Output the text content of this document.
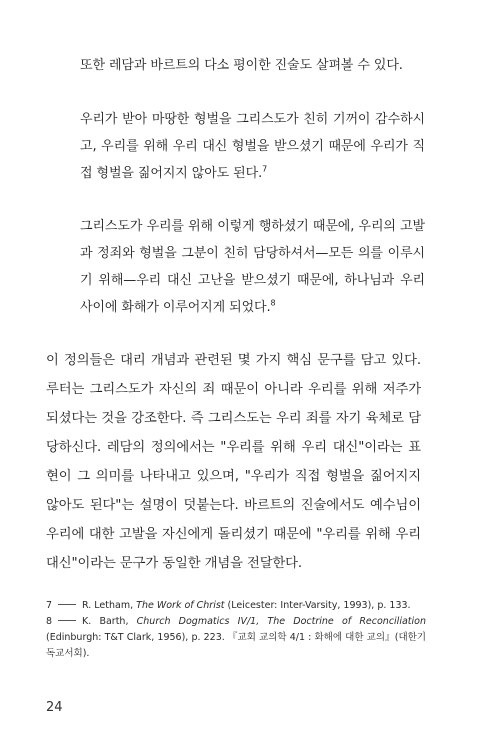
또한 레담과 바르트의 다소 평이한 진술도 살펴볼 수 있다.

우리가 받아 마땅한 형벌을 그리스도가 친히 기꺼이 감수하시고, 우리를 위해 우리 대신 형벌을 받으셨기 때문에 우리가 직접 형벌을 짊어지지 않아도 된다.$^7$

그리스도가 우리를 위해 이렇게 행하셨기 때문에, 우리의 고발과 정죄와 형벌을 그분이 친히 담당하셔서—모든 의를 이루시기 위해—우리 대신 고난을 받으셨기 때문에, 하나님과 우리 사이에 화해가 이루어지게 되었다.$^8$

이 정의들은 대리 개념과 관련된 몇 가지 핵심 문구를 담고 있다. 루터는 그리스도가 자신의 죄 때문이 아니라 우리를 위해 저주가 되셨다는 것을 강조한다. 즉 그리스도는 우리 죄를 자기 육체로 담당하신다. 레담의 정의에서는 "우리를 위해 우리 대신"이라는 표현이 그 의미를 나타내고 있으며, "우리가 직접 형벌을 짊어지지 않아도 된다"는 설명이 덧붙는다. 바르트의 진술에서도 예수님이 우리에 대한 고발을 자신에게 돌리셨기 때문에 "우리를 위해 우리 대신"이라는 문구가 동일한 개념을 전달한다.

7	R. Letham, The Work of Christ (Leicester: Inter-Varsity, 1993), p. 133.

8	K. Barth, Church Dogmatics IV/1, The Doctrine of Reconciliation (Edinburgh: T&T Clark, 1956), p. 223. 『교회 교의학 4/1 : 화해에 대한 교의』(대한기독교서회).

24
